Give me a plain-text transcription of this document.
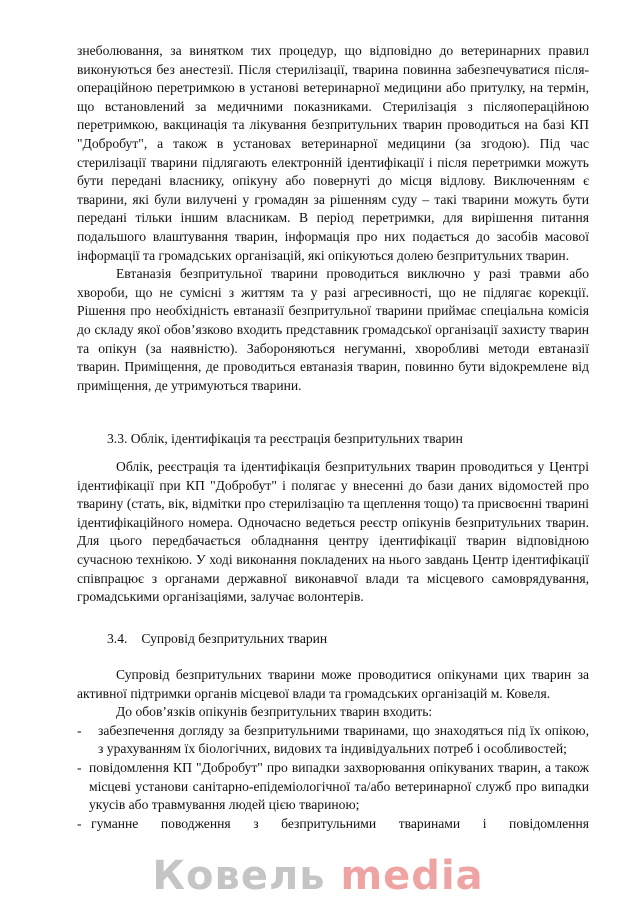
знеболювання, за винятком тих процедур, що відповідно до ветеринарних правил виконуються без анестезії. Після стерилізації, тварина повинна забезпечуватися після- операційною перетримкою в установі ветеринарної медицини або притулку, на термін, що встановлений за медичними показниками. Стерилізація з післяопераційною перетримкою, вакцинація та лікування безпритульних тварин проводиться на базі КП "Добробут", а також в установах ветеринарної медицини (за згодою). Під час стерилізації тварини підлягають електронній ідентифікації і після перетримки можуть бути передані власнику, опікуну або повернуті до місця відлову. Виключенням є тварини, які були вилучені у громадян за рішенням суду – такі тварини можуть бути передані тільки іншим власникам. В період перетримки, для вирішення питання подальшого влаштування тварин, інформація про них подається до засобів масової інформації та громадських організацій, які опікуються долею безпритульних тварин.

Евтаназія безпритульної тварини проводиться виключно у разі травми або хвороби, що не сумісні з життям та у разі агресивності, що не підлягає корекції. Рішення про необхідність евтаназії безпритульної тварини приймає спеціальна комісія до складу якої обов’язково входить представник громадської організації захисту тварин та опікун (за наявністю). Забороняються негуманні, хворобливі методи евтаназії тварин. Приміщення, де проводиться евтаназія тварин, повинно бути відокремлене від приміщення, де утримуються тварини.

3.3. Облік, ідентифікація та реєстрація безпритульних тварин

Облік, реєстрація та ідентифікація безпритульних тварин проводиться у Центрі ідентифікації при КП "Добробут" і полягає у внесенні до бази даних відомостей про тварину (стать, вік, відмітки про стерилізацію та щеплення тощо) та присвоєнні тварині ідентифікаційного номера. Одночасно ведеться реєстр опікунів безпритульних тварин. Для цього передбачається обладнання центру ідентифікації тварин відповідною сучасною технікою. У ході виконання покладених на нього завдань Центр ідентифікації співпрацює з органами державної виконавчої влади та місцевого самоврядування, громадськими організаціями, залучає волонтерів.

3.4. Супровід безпритульних тварин

Супровід безпритульних тварини може проводитися опікунами цих тварин за активної підтримки органів місцевої влади та громадських організацій м. Ковеля.

До обов’язків опікунів безпритульних тварин входить:

-	забезпечення догляду за безпритульними тваринами, що знаходяться під їх опікою, з урахуванням їх біологічних, видових та індивідуальних потреб і особливостей;
- повідомлення КП "Добробут" про випадки захворювання опікуваних тварин, а також місцеві установи санітарно-епідеміологічної та/або ветеринарної служб про випадки укусів або травмування людей цією твариною;
- гуманне поводження з безпритульними тваринами і повідомлення
Ковель media
